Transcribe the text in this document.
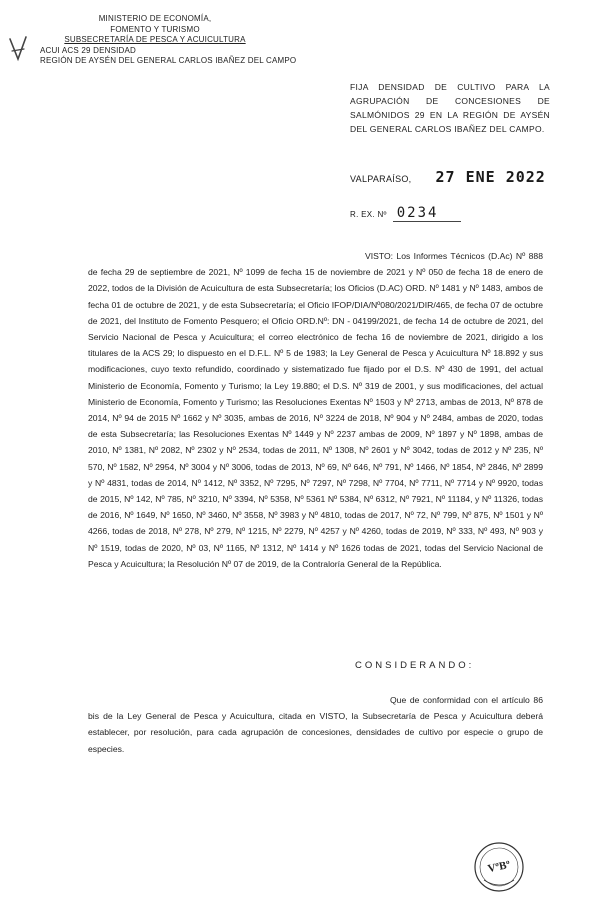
MINISTERIO DE ECONOMÍA,
FOMENTO Y TURISMO
SUBSECRETARÍA DE PESCA Y ACUICULTURA
ACUI ACS 29 DENSIDAD
REGIÓN DE AYSÉN DEL GENERAL CARLOS IBAÑEZ DEL CAMPO
FIJA DENSIDAD DE CULTIVO PARA LA AGRUPACIÓN DE CONCESIONES DE SALMÓNIDOS 29 EN LA REGIÓN DE AYSÉN DEL GENERAL CARLOS IBAÑEZ DEL CAMPO.
VALPARAÍSO, 27 ENE 2022
R. EX. Nº 0234

VISTO: Los Informes Técnicos (D.Ac) Nº 888 de fecha 29 de septiembre de 2021, Nº 1099 de fecha 15 de noviembre de 2021 y Nº 050 de fecha 18 de enero de 2022, todos de la División de Acuicultura de esta Subsecretaría; los Oficios (D.AC) ORD. Nº 1481 y Nº 1483, ambos de fecha 01 de octubre de 2021, y de esta Subsecretaría; el Oficio IFOP/DIA/Nº080/2021/DIR/465, de fecha 07 de octubre de 2021, del Instituto de Fomento Pesquero; el Oficio ORD.Nº: DN - 04199/2021, de fecha 14 de octubre de 2021, del Servicio Nacional de Pesca y Acuicultura; el correo electrónico de fecha 16 de noviembre de 2021, dirigido a los titulares de la ACS 29; lo dispuesto en el D.F.L. Nº 5 de 1983; la Ley General de Pesca y Acuicultura Nº 18.892 y sus modificaciones, cuyo texto refundido, coordinado y sistematizado fue fijado por el D.S. Nº 430 de 1991, del actual Ministerio de Economía, Fomento y Turismo; la Ley 19.880; el D.S. Nº 319 de 2001, y sus modificaciones, del actual Ministerio de Economía, Fomento y Turismo; las Resoluciones Exentas Nº 1503 y Nº 2713, ambas de 2013, Nº 878 de 2014, Nº 94 de 2015 Nº 1662 y Nº 3035, ambas de 2016, Nº 3224 de 2018, Nº 904 y Nº 2484, ambas de 2020, todas de esta Subsecretaría; las Resoluciones Exentas Nº 1449 y Nº 2237 ambas de 2009, Nº 1897 y Nº 1898, ambas de 2010, Nº 1381, Nº 2082, Nº 2302 y Nº 2534, todas de 2011, Nº 1308, Nº 2601 y Nº 3042, todas de 2012 y Nº 235, Nº 570, Nº 1582, Nº 2954, Nº 3004 y Nº 3006, todas de 2013, Nº 69, Nº 646, Nº 791, Nº 1466, Nº 1854, Nº 2846, Nº 2899 y Nº 4831, todas de 2014, Nº 1412, Nº 3352, Nº 7295, Nº 7297, Nº 7298, Nº 7704, Nº 7711, Nº 7714 y Nº 9920, todas de 2015, Nº 142, Nº 785, Nº 3210, Nº 3394, Nº 5358, Nº 5361 Nº 5384, Nº 6312, Nº 7921, Nº 11184, y Nº 11326, todas de 2016, Nº 1649, Nº 1650, Nº 3460, Nº 3558, Nº 3983 y Nº 4810, todas de 2017, Nº 72, Nº 799, Nº 875, Nº 1501 y Nº 4266, todas de 2018, Nº 278, Nº 279, Nº 1215, Nº 2279, Nº 4257 y Nº 4260, todas de 2019, Nº 333, Nº 493, Nº 903 y Nº 1519, todas de 2020, Nº 03, Nº 1165, Nº 1312, Nº 1414 y Nº 1626 todas de 2021, todas del Servicio Nacional de Pesca y Acuicultura; la Resolución Nº 07 de 2019, de la Contraloría General de la República.

CONSIDERANDO:

Que de conformidad con el artículo 86 bis de la Ley General de Pesca y Acuicultura, citada en VISTO, la Subsecretaría de Pesca y Acuicultura deberá establecer, por resolución, para cada agrupación de concesiones, densidades de cultivo por especie o grupo de especies.

VºBº
